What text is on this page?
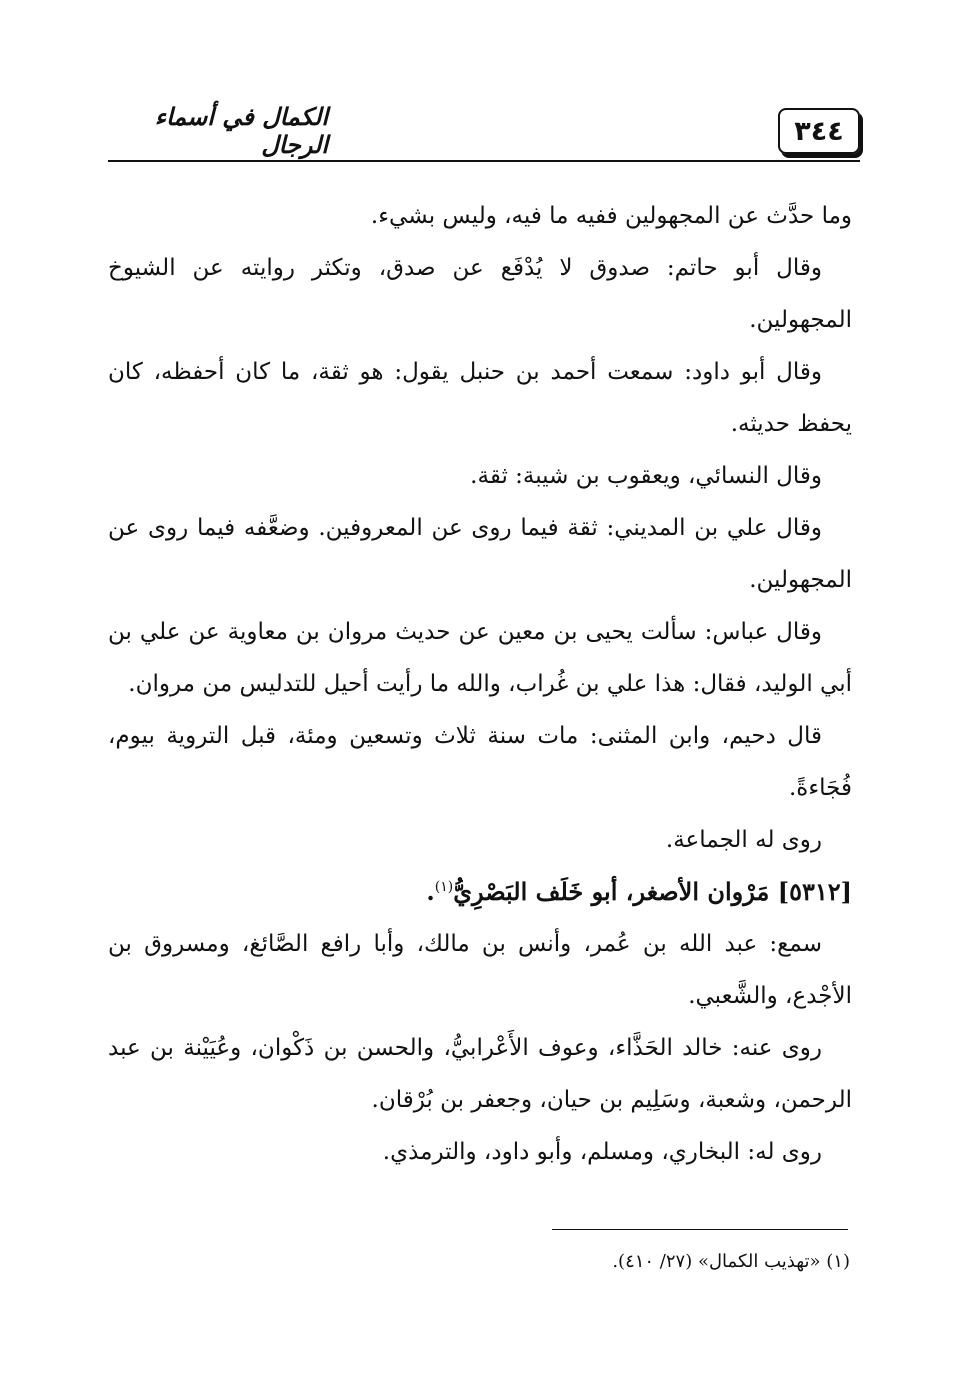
٣٤٤
الكمال في أسماء الرجال

وما حدَّث عن المجهولين ففيه ما فيه، وليس بشيء.

وقال أبو حاتم: صدوق لا يُدْفَع عن صدق، وتكثر روايته عن الشيوخ المجهولين.

وقال أبو داود: سمعت أحمد بن حنبل يقول: هو ثقة، ما كان أحفظه، كان يحفظ حديثه.

وقال النسائي، ويعقوب بن شيبة: ثقة.

وقال علي بن المديني: ثقة فيما روى عن المعروفين. وضعَّفه فيما روى عن المجهولين.

وقال عباس: سألت يحيى بن معين عن حديث مروان بن معاوية عن علي بن أبي الوليد، فقال: هذا علي بن غُراب، والله ما رأيت أحيل للتدليس من مروان.

قال دحيم، وابن المثنى: مات سنة ثلاث وتسعين ومئة، قبل التروية بيوم، فُجَاءةً.

روى له الجماعة.

[٥٣١٢] مَرْوان الأصغر، أبو خَلَف البَصْرِيُّ$^{(١)}$.

سمع: عبد الله بن عُمر، وأنس بن مالك، وأبا رافع الصَّائغ، ومسروق بن الأجْدع، والشَّعبي.

روى عنه: خالد الحَذَّاء، وعوف الأَعْرابيُّ، والحسن بن ذَكْوان، وعُيَيْنة بن عبد الرحمن، وشعبة، وسَلِيم بن حيان، وجعفر بن بُرْقان.

روى له: البخاري، ومسلم، وأبو داود، والترمذي.

(١) «تهذيب الكمال» (٢٧/ ٤١٠).
